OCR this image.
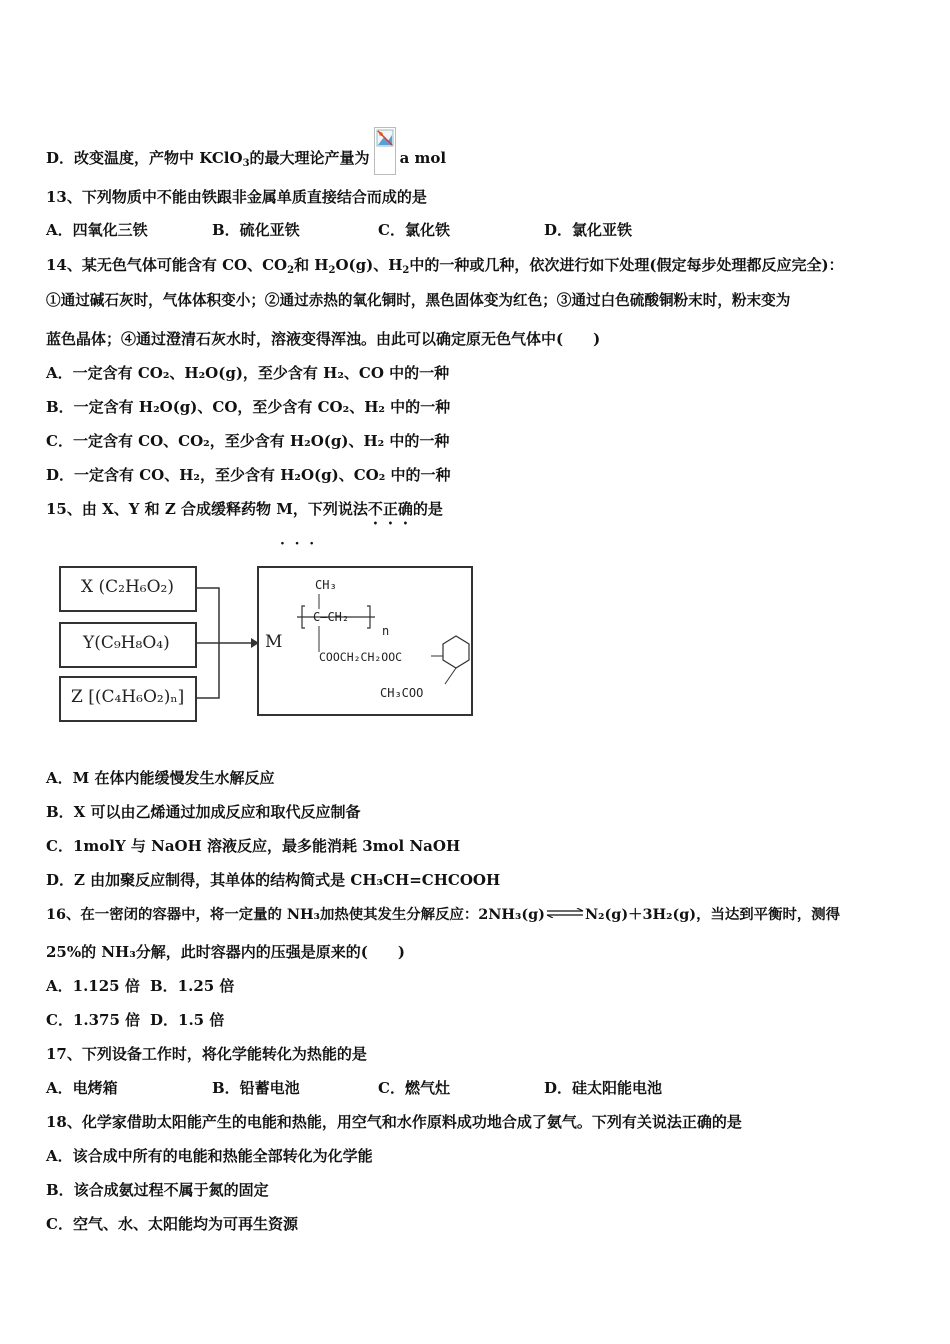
D．改变温度，产物中 KClO$_3$的最大理论产量为 a mol
13、下列物质中不能由铁跟非金属单质直接结合而成的是
A．四氧化三铁	B．硫化亚铁	C．氯化铁	D．氯化亚铁
14、某无色气体可能含有 CO、$CO_2$和 $H_2O(g)$、$H_2$中的一种或几种，依次进行如下处理(假定每步处理都反应完全)：
①通过碱石灰时，气体体积变小；②通过赤热的氧化铜时，黑色固体变为红色；③通过白色硫酸铜粉末时，粉末变为
蓝色晶体；④通过澄清石灰水时，溶液变得浑浊。由此可以确定原无色气体中(　　)
A．一定含有 CO₂、H₂O(g)，至少含有 H₂、CO 中的一种
B．一定含有 H₂O(g)、CO，至少含有 CO₂、H₂ 中的一种
C．一定含有 CO、CO₂，至少含有 H₂O(g)、H₂ 中的一种
D．一定含有 CO、H₂，至少含有 H₂O(g)、CO₂ 中的一种
15、由 X、Y 和 Z 合成缓释药物 M，下列说法不正确的是
·  ·  ·
X (C₂H₆O₂)
Y(C₉H₈O₄)
Z [(C₄H₆O₂)ₙ]
M
CH₃
C—CH₂
n
COOCH₂CH₂OOC
CH₃COO
A．M 在体内能缓慢发生水解反应
B．X 可以由乙烯通过加成反应和取代反应制备
C．1molY 与 NaOH 溶液反应，最多能消耗 3mol NaOH
D．Z 由加聚反应制得，其单体的结构简式是 CH₃CH=CHCOOH
16、在一密闭的容器中，将一定量的 NH₃加热使其发生分解反应：2NH₃(g)⇌N₂(g)＋3H₂(g)，当达到平衡时，测得
25%的 NH₃分解，此时容器内的压强是原来的(　　)
A．1.125 倍 B．1.25 倍
C．1.375 倍 D．1.5 倍
17、下列设备工作时，将化学能转化为热能的是
A．电烤箱	B．铅蓄电池	C．燃气灶	D．硅太阳能电池
18、化学家借助太阳能产生的电能和热能，用空气和水作原料成功地合成了氨气。下列有关说法正确的是
A．该合成中所有的电能和热能全部转化为化学能
B．该合成氨过程不属于氮的固定
C．空气、水、太阳能均为可再生资源
